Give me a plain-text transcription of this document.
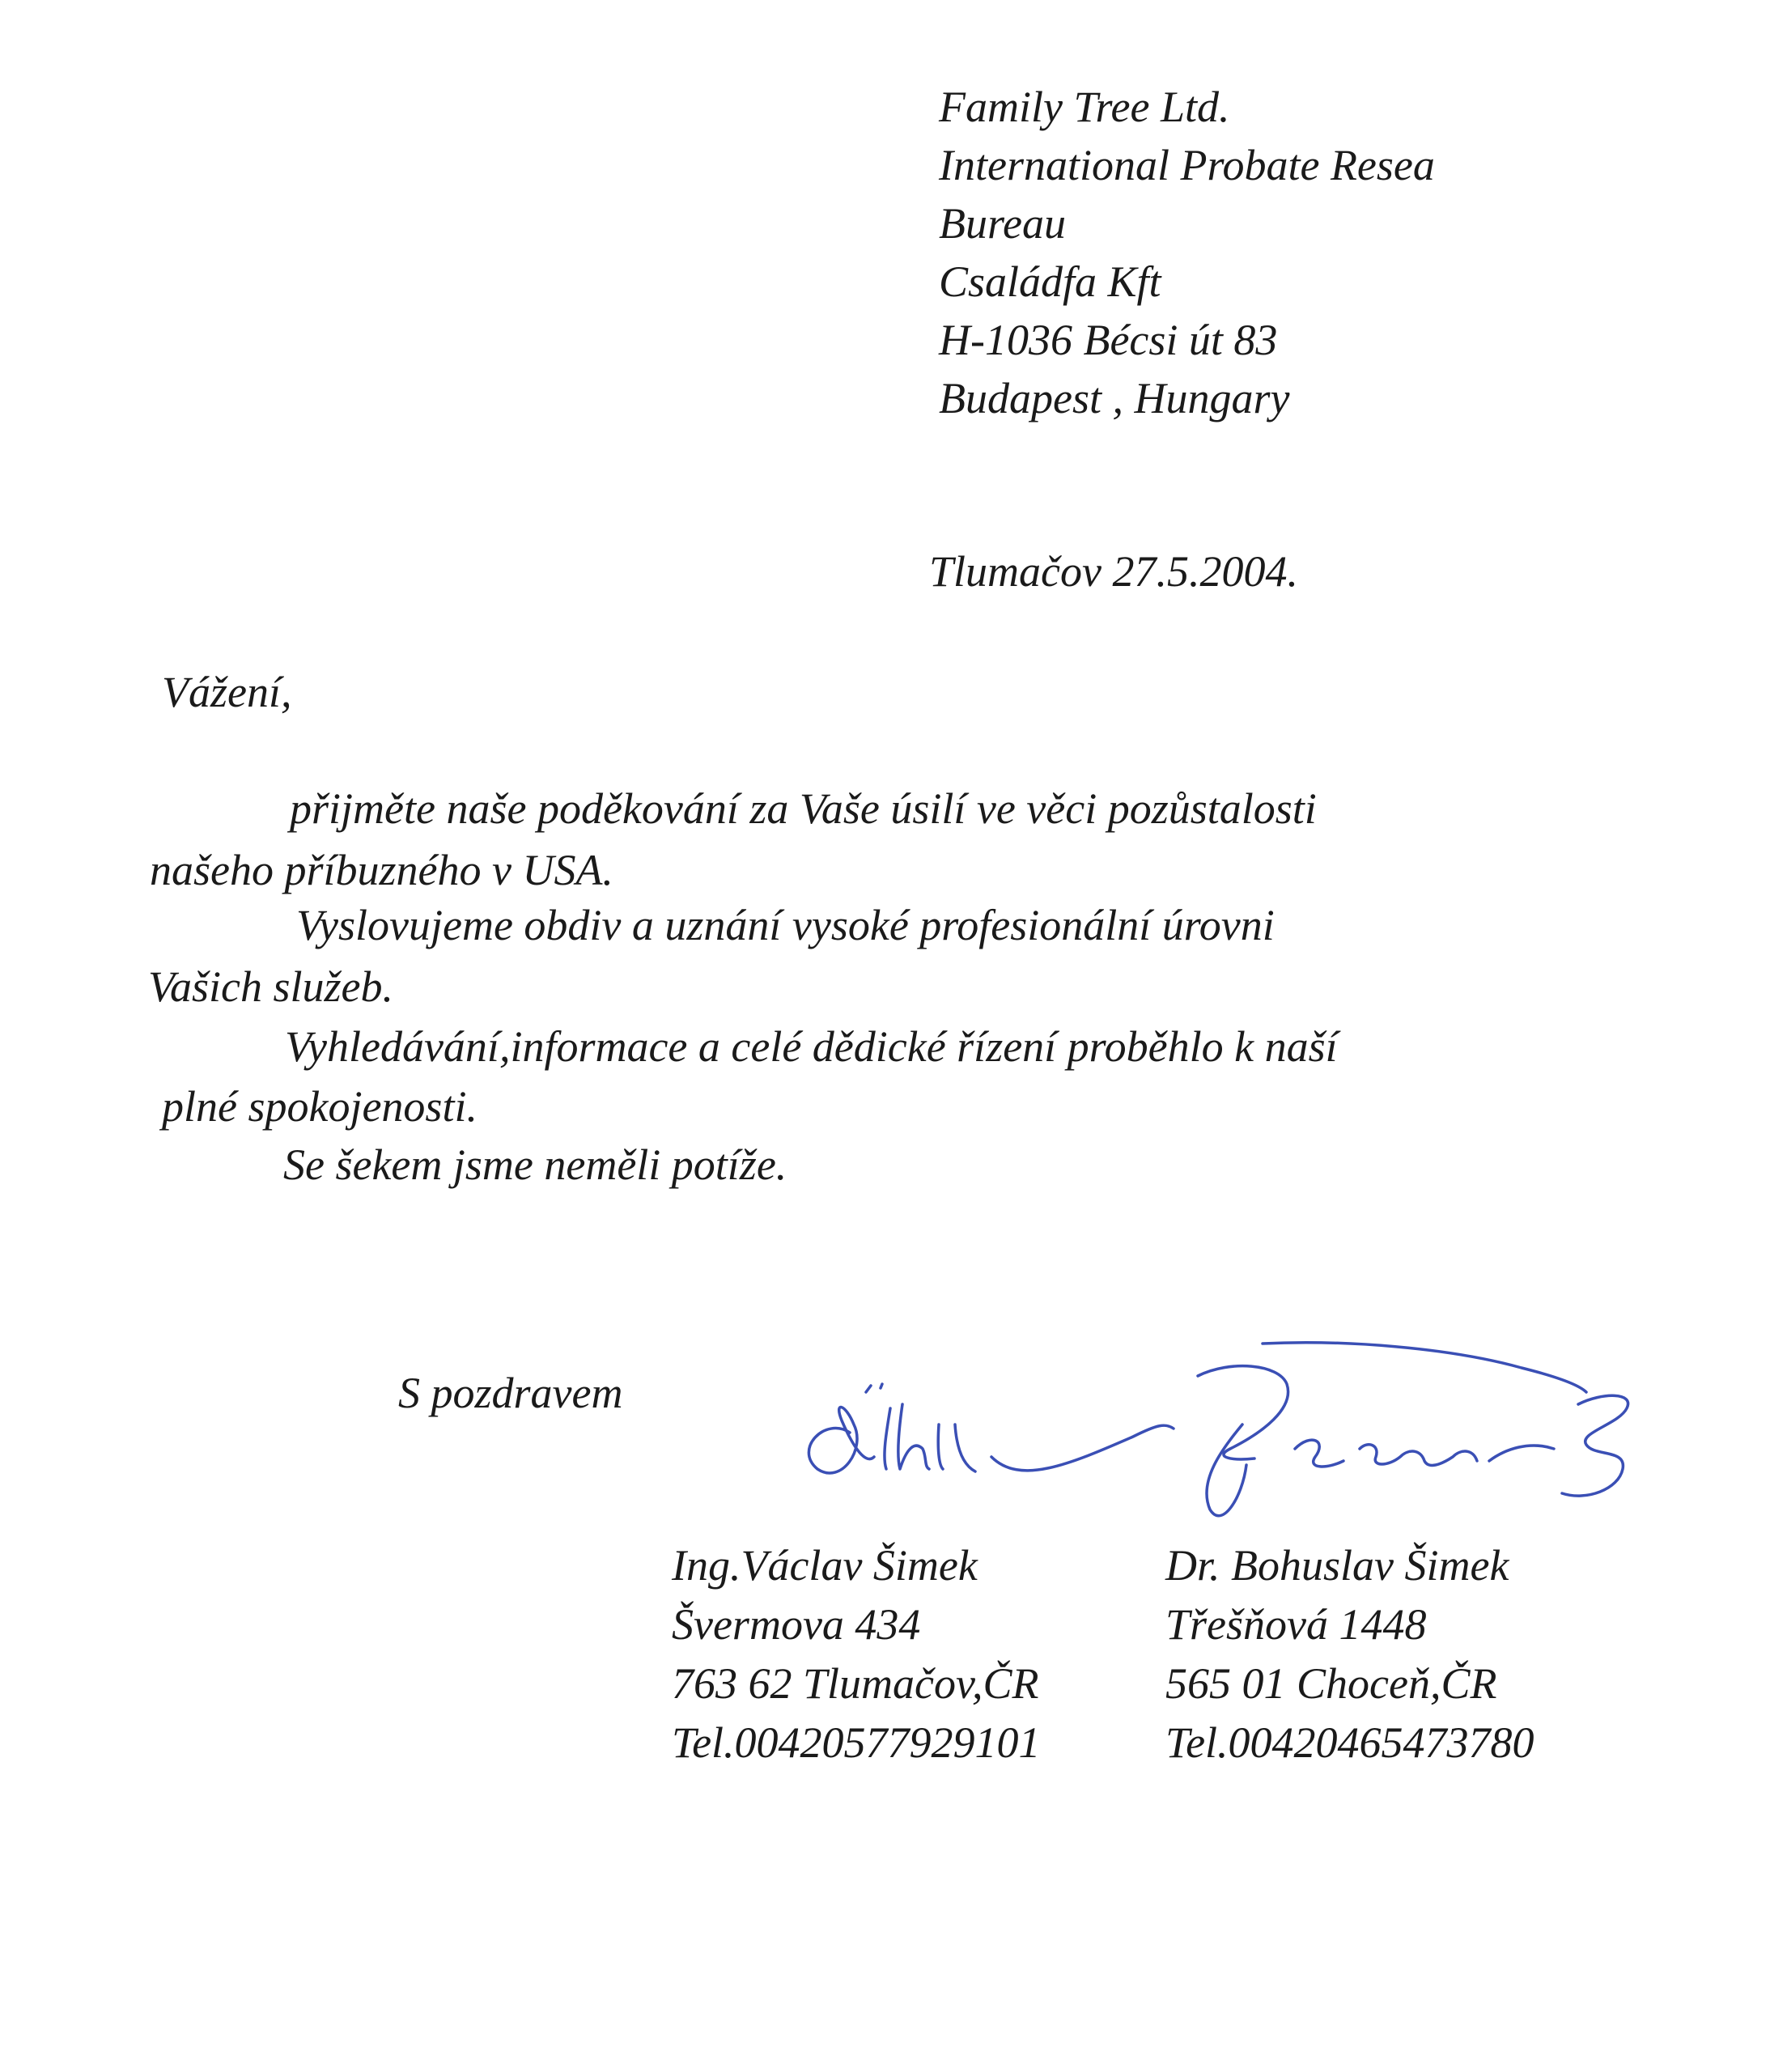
Family Tree Ltd.
International Probate Resea
Bureau
Családfa Kft
H-1036 Bécsi út 83
Budapest , Hungary
Tlumačov 27.5.2004.
Vážení,
přijměte naše poděkování za Vaše úsilí ve věci pozůstalosti
našeho příbuzného v USA.
Vyslovujeme obdiv a uznání vysoké profesionální úrovni
Vašich služeb.
Vyhledávání,informace a celé dědické řízení proběhlo k naší
plné spokojenosti.
Se šekem jsme neměli potíže.
S pozdravem
Ing.Václav Šimek
Švermova 434
763 62 Tlumačov,ČR
Tel.00420577929101
Dr. Bohuslav Šimek
Třešňová 1448
565 01 Choceň,ČR
Tel.00420465473780
